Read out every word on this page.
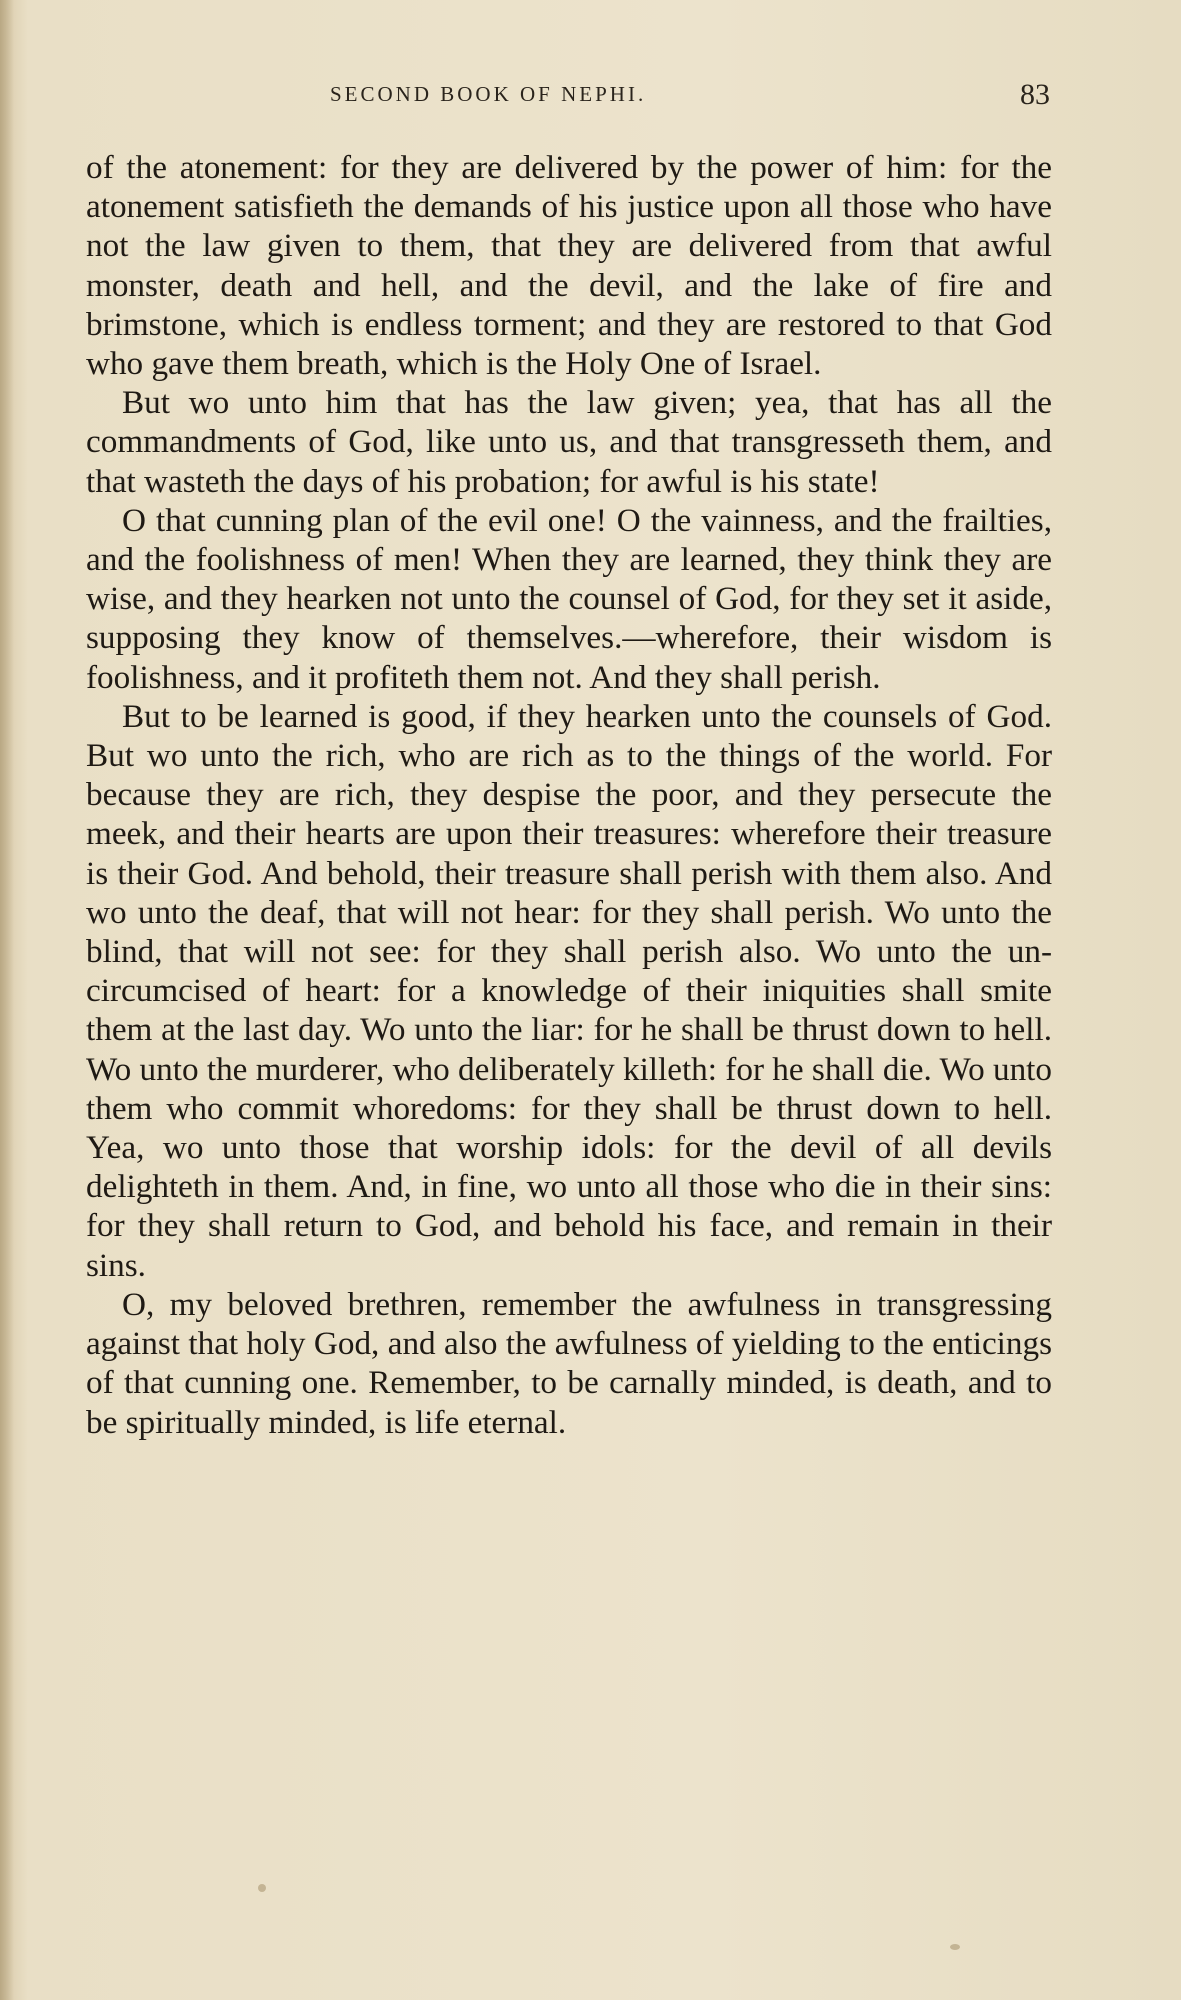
SECOND BOOK OF NEPHI.	83

of the atonement: for they are delivered by the power of him: for the atonement satisfieth the demands of his justice upon all those who have not the law given to them, that they are delivered from that awful monster, death and hell, and the devil, and the lake of fire and brimstone, which is endless torment; and they are restored to that God who gave them breath, which is the Holy One of Israel.

But wo unto him that has the law given; yea, that has all the commandments of God, like unto us, and that transgresseth them, and that wasteth the days of his probation; for awful is his state!

O that cunning plan of the evil one! O the vainness, and the frailties, and the foolishness of men! When they are learned, they think they are wise, and they hearken not unto the counsel of God, for they set it aside, supposing they know of themselves.—wherefore, their wisdom is foolishness, and it profiteth them not. And they shall perish.

But to be learned is good, if they hearken unto the counsels of God. But wo unto the rich, who are rich as to the things of the world. For because they are rich, they despise the poor, and they persecute the meek, and their hearts are upon their treasures: wherefore their treasure is their God. And behold, their treasure shall perish with them also. And wo unto the deaf, that will not hear: for they shall perish. Wo unto the blind, that will not see: for they shall perish also. Wo unto the uncircumcised of heart: for a knowledge of their iniquities shall smite them at the last day. Wo unto the liar: for he shall be thrust down to hell. Wo unto the murderer, who deliberately killeth: for he shall die. Wo unto them who commit whoredoms: for they shall be thrust down to hell. Yea, wo unto those that worship idols: for the devil of all devils delighteth in them. And, in fine, wo unto all those who die in their sins: for they shall return to God, and behold his face, and remain in their sins.

O, my beloved brethren, remember the awfulness in transgressing against that holy God, and also the awfulness of yielding to the enticings of that cunning one. Remember, to be carnally minded, is death, and to be spiritually minded, is life eternal.
